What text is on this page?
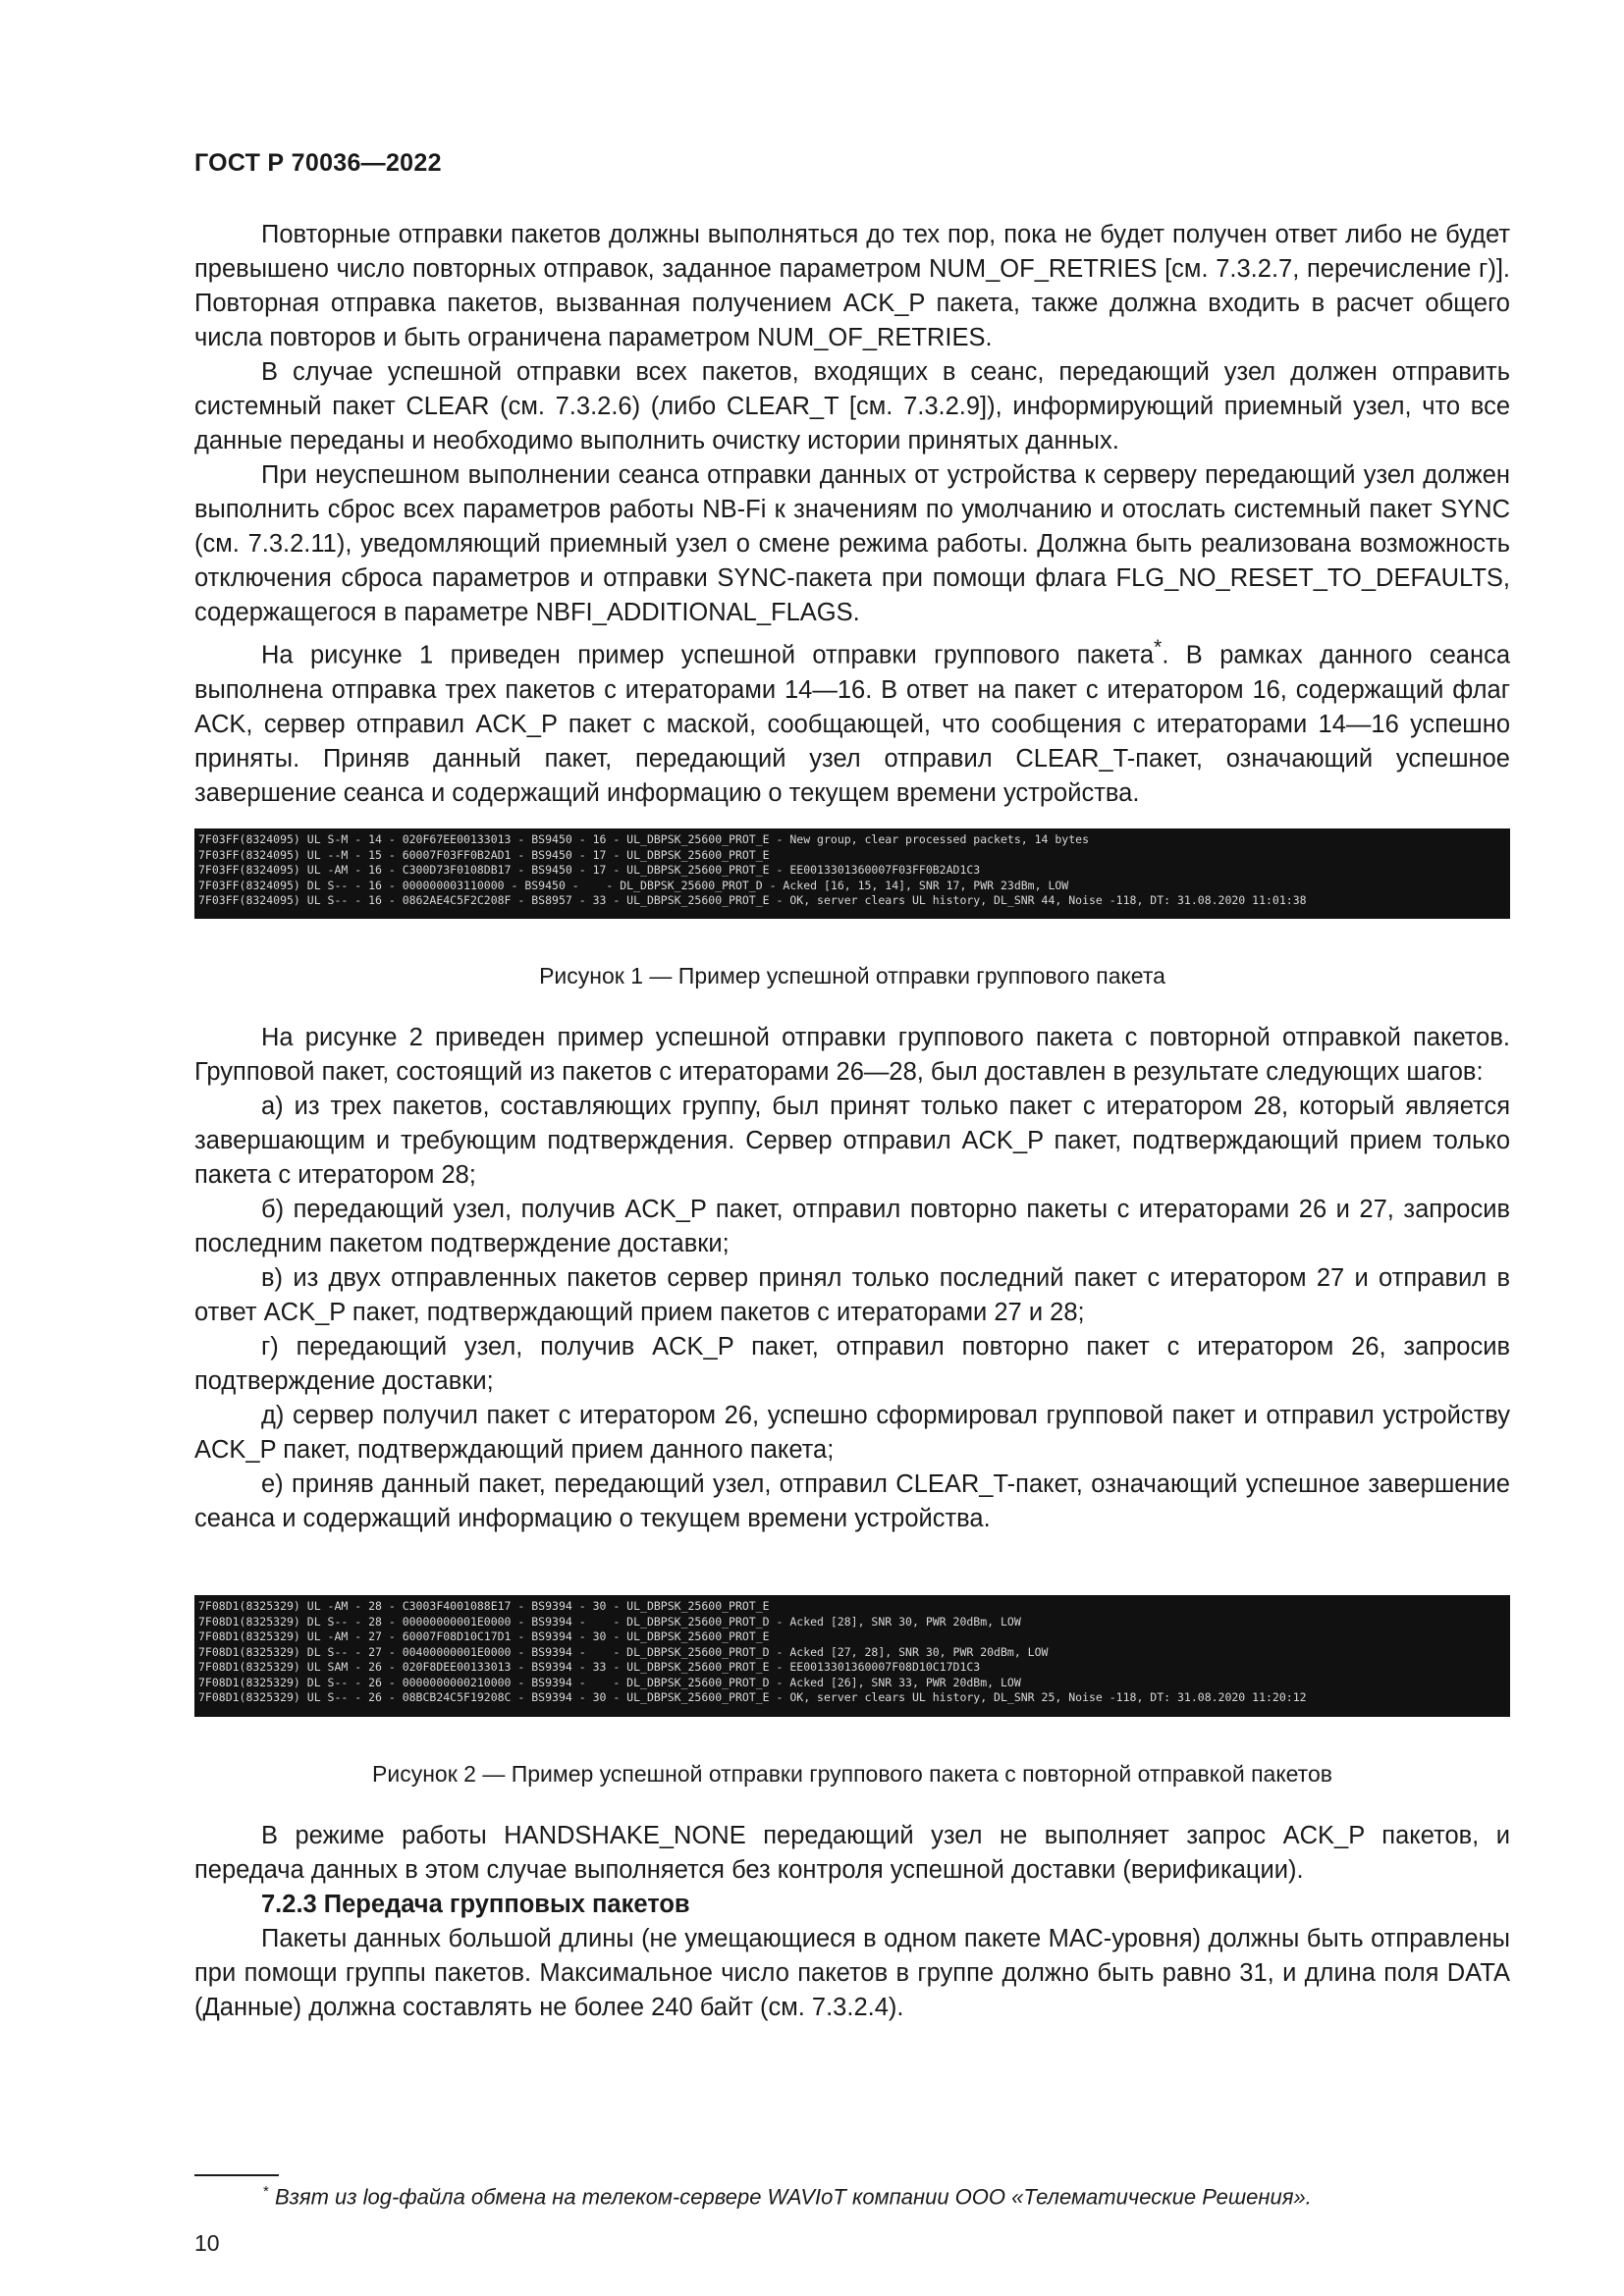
ГОСТ Р 70036—2022

Повторные отправки пакетов должны выполняться до тех пор, пока не будет получен ответ либо не будет превышено число повторных отправок, заданное параметром NUM_OF_RETRIES [см. 7.3.2.7, перечисление г)]. Повторная отправка пакетов, вызванная получением ACK_P пакета, также должна входить в расчет общего числа повторов и быть ограничена параметром NUM_OF_RETRIES.

В случае успешной отправки всех пакетов, входящих в сеанс, передающий узел должен отправить системный пакет CLEAR (см. 7.3.2.6) (либо CLEAR_T [см. 7.3.2.9]), информирующий приемный узел, что все данные переданы и необходимо выполнить очистку истории принятых данных.

При неуспешном выполнении сеанса отправки данных от устройства к серверу передающий узел должен выполнить сброс всех параметров работы NB-Fi к значениям по умолчанию и отослать системный пакет SYNC (см. 7.3.2.11), уведомляющий приемный узел о смене режима работы. Должна быть реализована возможность отключения сброса параметров и отправки SYNC-пакета при помощи флага FLG_NO_RESET_TO_DEFAULTS, содержащегося в параметре NBFI_ADDITIONAL_FLAGS.

На рисунке 1 приведен пример успешной отправки группового пакета*. В рамках данного сеанса выполнена отправка трех пакетов с итераторами 14—16. В ответ на пакет с итератором 16, содержащий флаг ACK, сервер отправил ACK_P пакет с маской, сообщающей, что сообщения с итераторами 14—16 успешно приняты. Приняв данный пакет, передающий узел отправил CLEAR_T-пакет, означающий успешное завершение сеанса и содержащий информацию о текущем времени устройства.

7F03FF(8324095) UL S-M - 14 - 020F67EE00133013 - BS9450 - 16 - UL_DBPSK_25600_PROT_E - New group, clear processed packets, 14 bytes
7F03FF(8324095) UL --M - 15 - 60007F03FF0B2AD1 - BS9450 - 17 - UL_DBPSK_25600_PROT_E
7F03FF(8324095) UL -AM - 16 - C300D73F0108DB17 - BS9450 - 17 - UL_DBPSK_25600_PROT_E - EE0013301360007F03FF0B2AD1C3
7F03FF(8324095) DL S-- - 16 - 000000003110000 - BS9450 -    - DL_DBPSK_25600_PROT_D - Acked [16, 15, 14], SNR 17, PWR 23dBm, LOW
7F03FF(8324095) UL S-- - 16 - 0862AE4C5F2C208F - BS8957 - 33 - UL_DBPSK_25600_PROT_E - OK, server clears UL history, DL_SNR 44, Noise -118, DT: 31.08.2020 11:01:38
Рисунок 1 — Пример успешной отправки группового пакета

На рисунке 2 приведен пример успешной отправки группового пакета с повторной отправкой пакетов. Групповой пакет, состоящий из пакетов с итераторами 26—28, был доставлен в результате следующих шагов:

а) из трех пакетов, составляющих группу, был принят только пакет с итератором 28, который является завершающим и требующим подтверждения. Сервер отправил ACK_P пакет, подтверждающий прием только пакета с итератором 28;

б) передающий узел, получив ACK_P пакет, отправил повторно пакеты с итераторами 26 и 27, запросив последним пакетом подтверждение доставки;

в) из двух отправленных пакетов сервер принял только последний пакет с итератором 27 и отправил в ответ ACK_P пакет, подтверждающий прием пакетов с итераторами 27 и 28;

г) передающий узел, получив ACK_P пакет, отправил повторно пакет с итератором 26, запросив подтверждение доставки;

д) сервер получил пакет с итератором 26, успешно сформировал групповой пакет и отправил устройству ACK_P пакет, подтверждающий прием данного пакета;

е) приняв данный пакет, передающий узел, отправил CLEAR_T-пакет, означающий успешное завершение сеанса и содержащий информацию о текущем времени устройства.

7F08D1(8325329) UL -AM - 28 - C3003F4001088E17 - BS9394 - 30 - UL_DBPSK_25600_PROT_E
7F08D1(8325329) DL S-- - 28 - 00000000001E0000 - BS9394 -    - DL_DBPSK_25600_PROT_D - Acked [28], SNR 30, PWR 20dBm, LOW
7F08D1(8325329) UL -AM - 27 - 60007F08D10C17D1 - BS9394 - 30 - UL_DBPSK_25600_PROT_E
7F08D1(8325329) DL S-- - 27 - 00400000001E0000 - BS9394 -    - DL_DBPSK_25600_PROT_D - Acked [27, 28], SNR 30, PWR 20dBm, LOW
7F08D1(8325329) UL SAM - 26 - 020F8DEE00133013 - BS9394 - 33 - UL_DBPSK_25600_PROT_E - EE0013301360007F08D10C17D1C3
7F08D1(8325329) DL S-- - 26 - 0000000000210000 - BS9394 -    - DL_DBPSK_25600_PROT_D - Acked [26], SNR 33, PWR 20dBm, LOW
7F08D1(8325329) UL S-- - 26 - 08BCB24C5F19208C - BS9394 - 30 - UL_DBPSK_25600_PROT_E - OK, server clears UL history, DL_SNR 25, Noise -118, DT: 31.08.2020 11:20:12
Рисунок 2 — Пример успешной отправки группового пакета с повторной отправкой пакетов

В режиме работы HANDSHAKE_NONE передающий узел не выполняет запрос ACK_P пакетов, и передача данных в этом случае выполняется без контроля успешной доставки (верификации).

7.2.3 Передача групповых пакетов

Пакеты данных большой длины (не умещающиеся в одном пакете МАС-уровня) должны быть отправлены при помощи группы пакетов. Максимальное число пакетов в группе должно быть равно 31, и длина поля DATA (Данные) должна составлять не более 240 байт (см. 7.3.2.4).

* Взят из log-файла обмена на телеком-сервере WAVIoT компании ООО «Телематические Решения».
10
